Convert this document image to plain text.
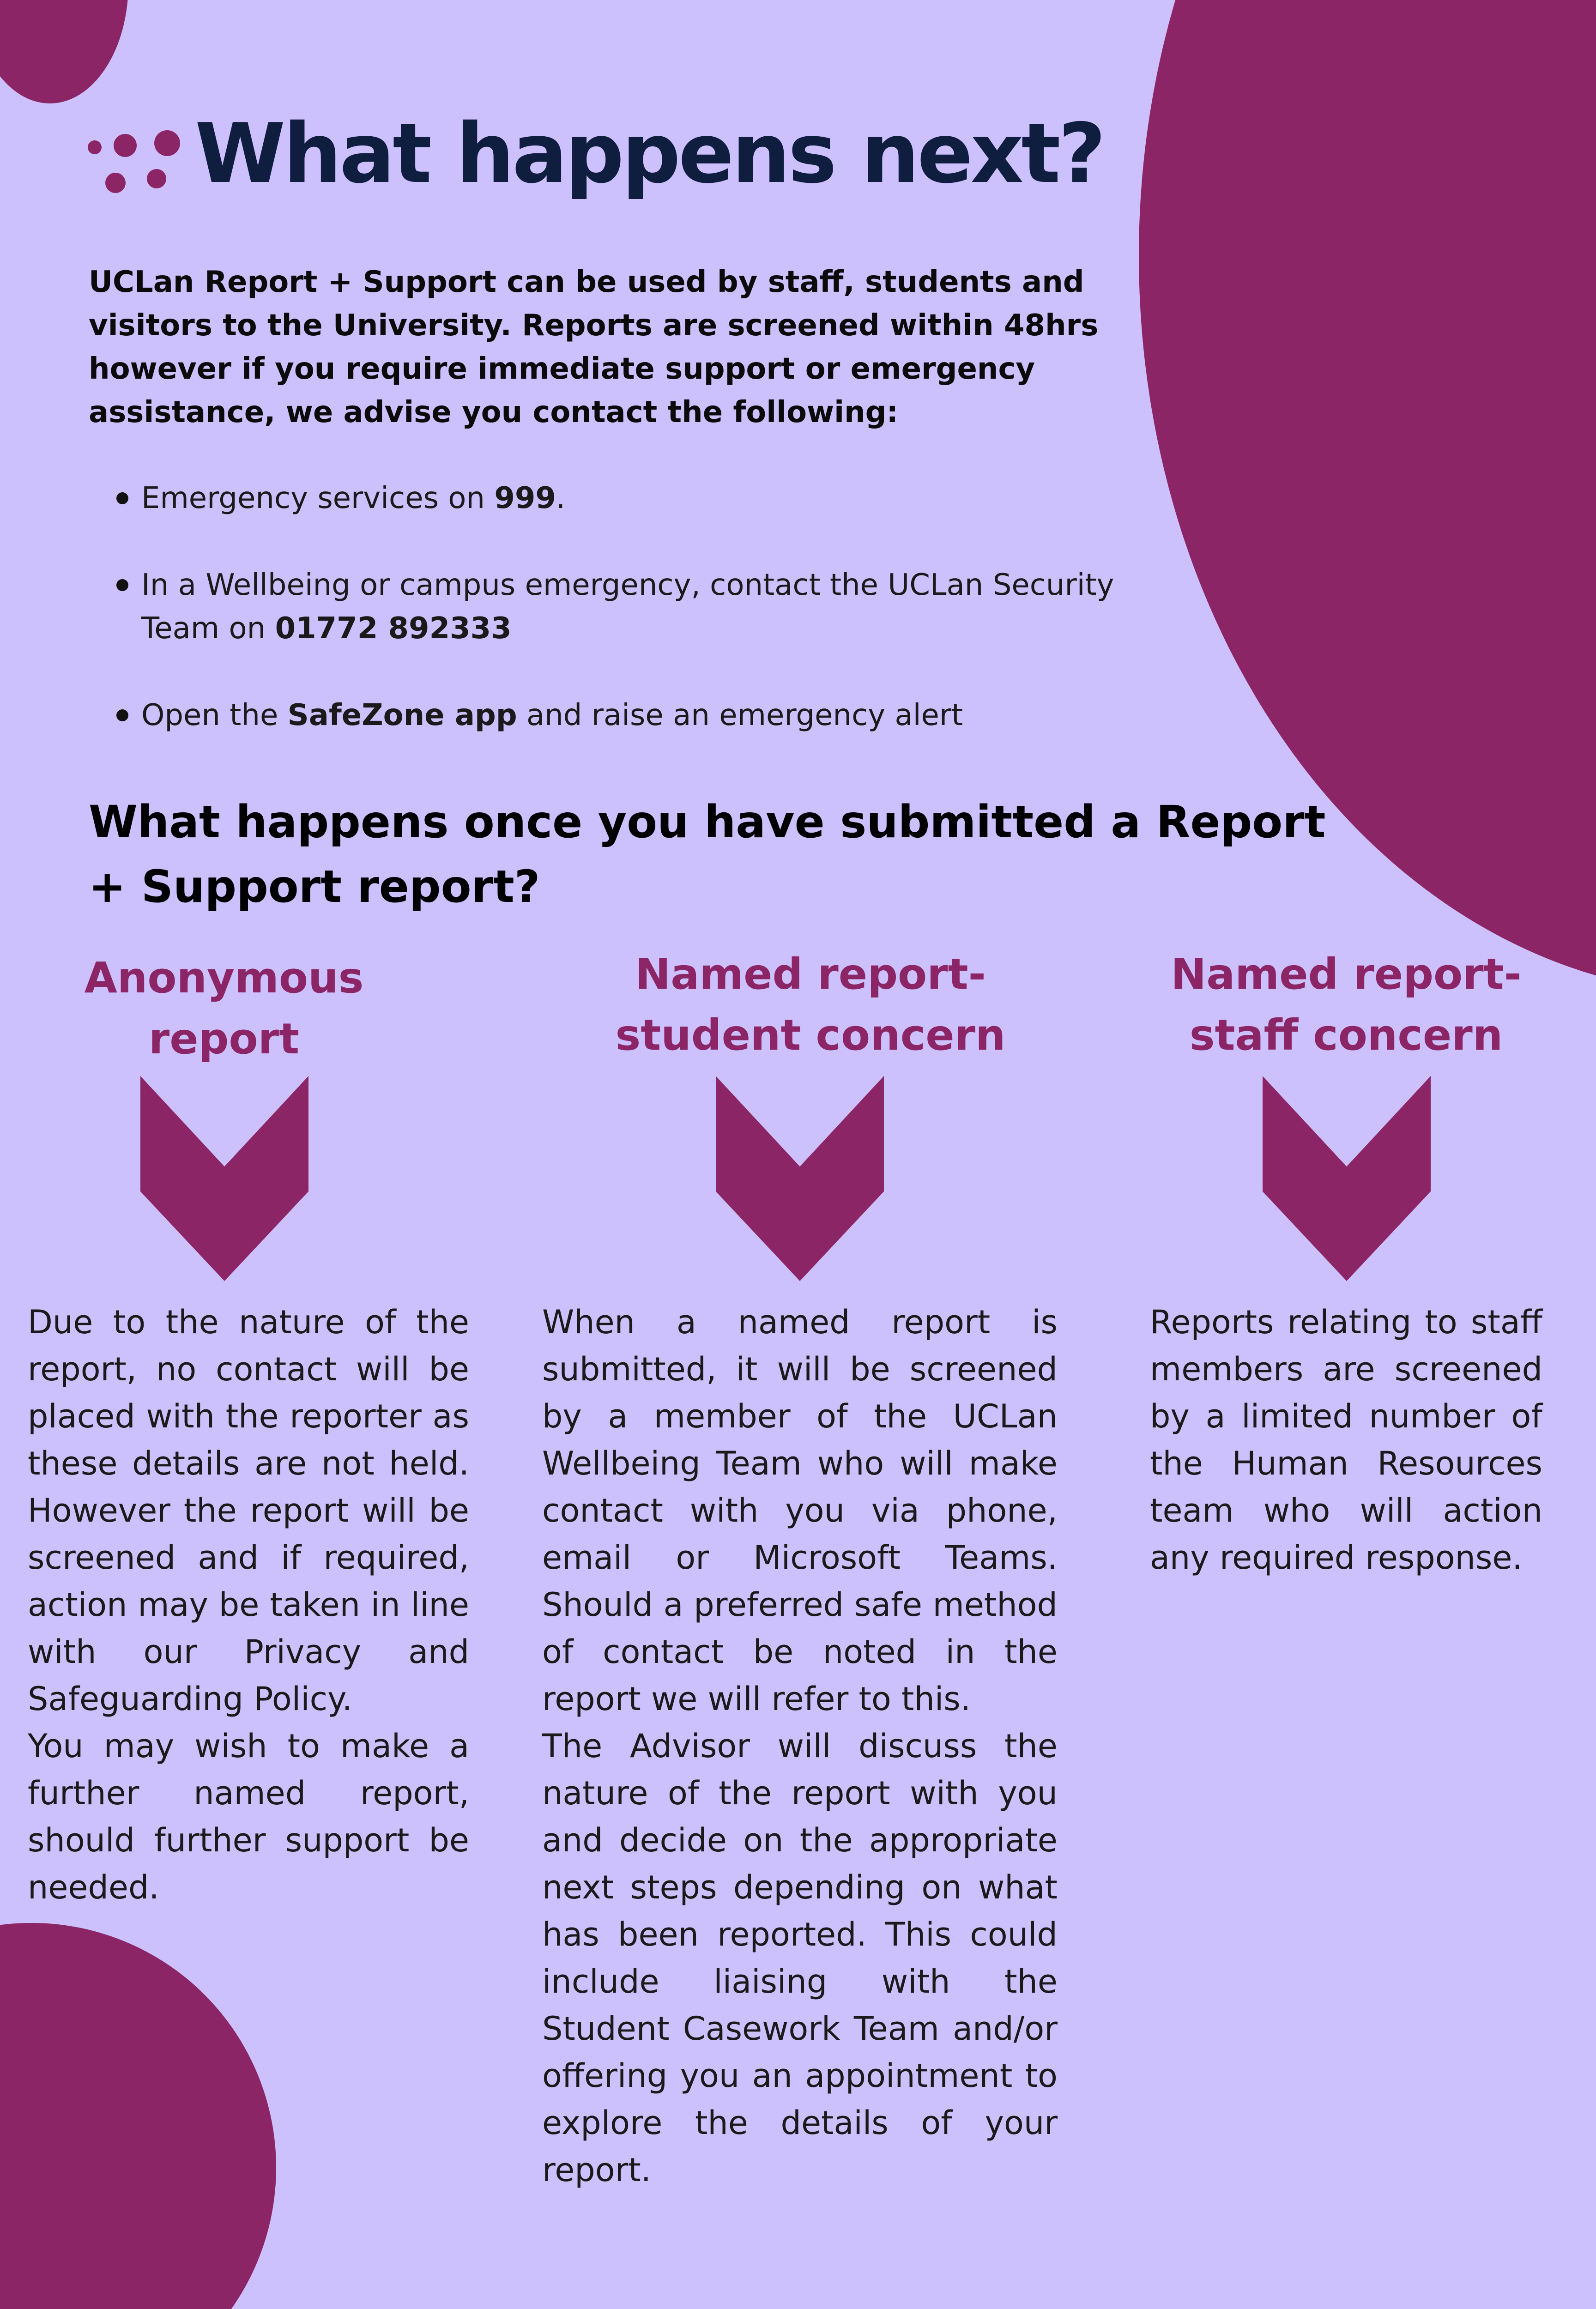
What happens next?

UCLan Report + Support can be used by staff, students and visitors to the University. Reports are screened within 48hrs however if you require immediate support or emergency assistance, we advise you contact the following:

Emergency services on 999.
In a Wellbeing or campus emergency, contact the UCLan Security Team on 01772 892333
Open the SafeZone app and raise an emergency alert
What happens once you have submitted a Report + Support report?
Anonymous report
Named report-student concern
Named report-staff concern

Due to the nature of the report, no contact will be placed with the reporter as these details are not held. However the report will be screened and if required, action may be taken in line with our Privacy and Safeguarding Policy.

You may wish to make a further named report, should further support be needed.

When a named report is submitted, it will be screened by a member of the UCLan Wellbeing Team who will make contact with you via phone, email or Microsoft Teams. Should a preferred safe method of contact be noted in the report we will refer to this.

The Advisor will discuss the nature of the report with you and decide on the appropriate next steps depending on what has been reported. This could include liaising with the Student Casework Team and/or offering you an appointment to explore the details of your report.

Reports relating to staff members are screened by a limited number of the Human Resources team who will action any required response.
